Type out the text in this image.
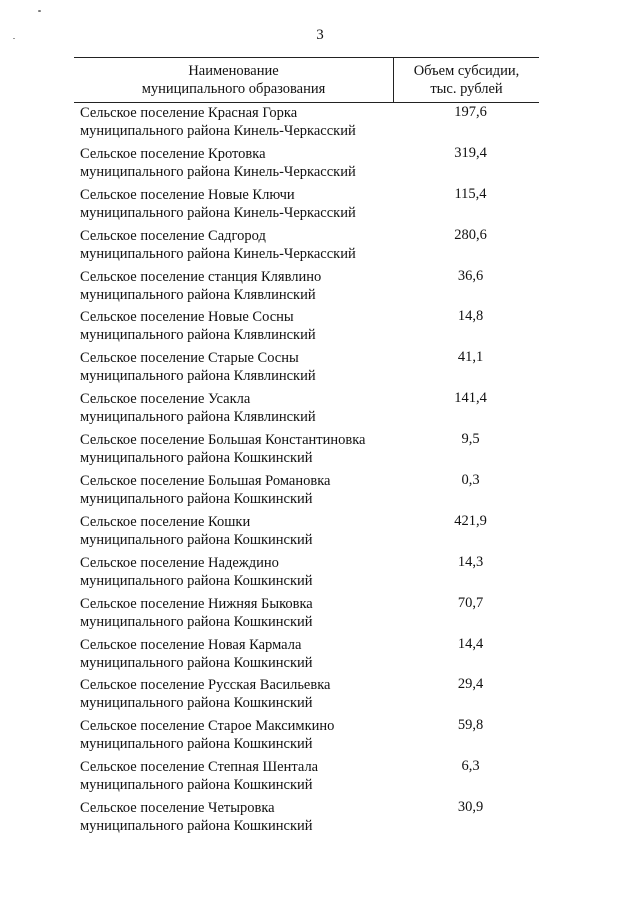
3
Наименование
муниципального образования
Объем субсидии,
тыс. рублей
Сельское поселение Красная Горка
муниципального района Кинель-Черкасский
197,6
Сельское поселение Кротовка
муниципального района Кинель-Черкасский
319,4
Сельское поселение Новые Ключи
муниципального района Кинель-Черкасский
115,4
Сельское поселение Садгород
муниципального района Кинель-Черкасский
280,6
Сельское поселение станция Клявлино
муниципального района Клявлинский
36,6
Сельское поселение Новые Сосны
муниципального района Клявлинский
14,8
Сельское поселение Старые Сосны
муниципального района Клявлинский
41,1
Сельское поселение Усакла
муниципального района Клявлинский
141,4
Сельское поселение Большая Константиновка
муниципального района Кошкинский
9,5
Сельское поселение Большая Романовка
муниципального района Кошкинский
0,3
Сельское поселение Кошки
муниципального района Кошкинский
421,9
Сельское поселение Надеждино
муниципального района Кошкинский
14,3
Сельское поселение Нижняя Быковка
муниципального района Кошкинский
70,7
Сельское поселение Новая Кармала
муниципального района Кошкинский
14,4
Сельское поселение Русская Васильевка
муниципального района Кошкинский
29,4
Сельское поселение Старое Максимкино
муниципального района Кошкинский
59,8
Сельское поселение Степная Шентала
муниципального района Кошкинский
6,3
Сельское поселение Четыровка
муниципального района Кошкинский
30,9
